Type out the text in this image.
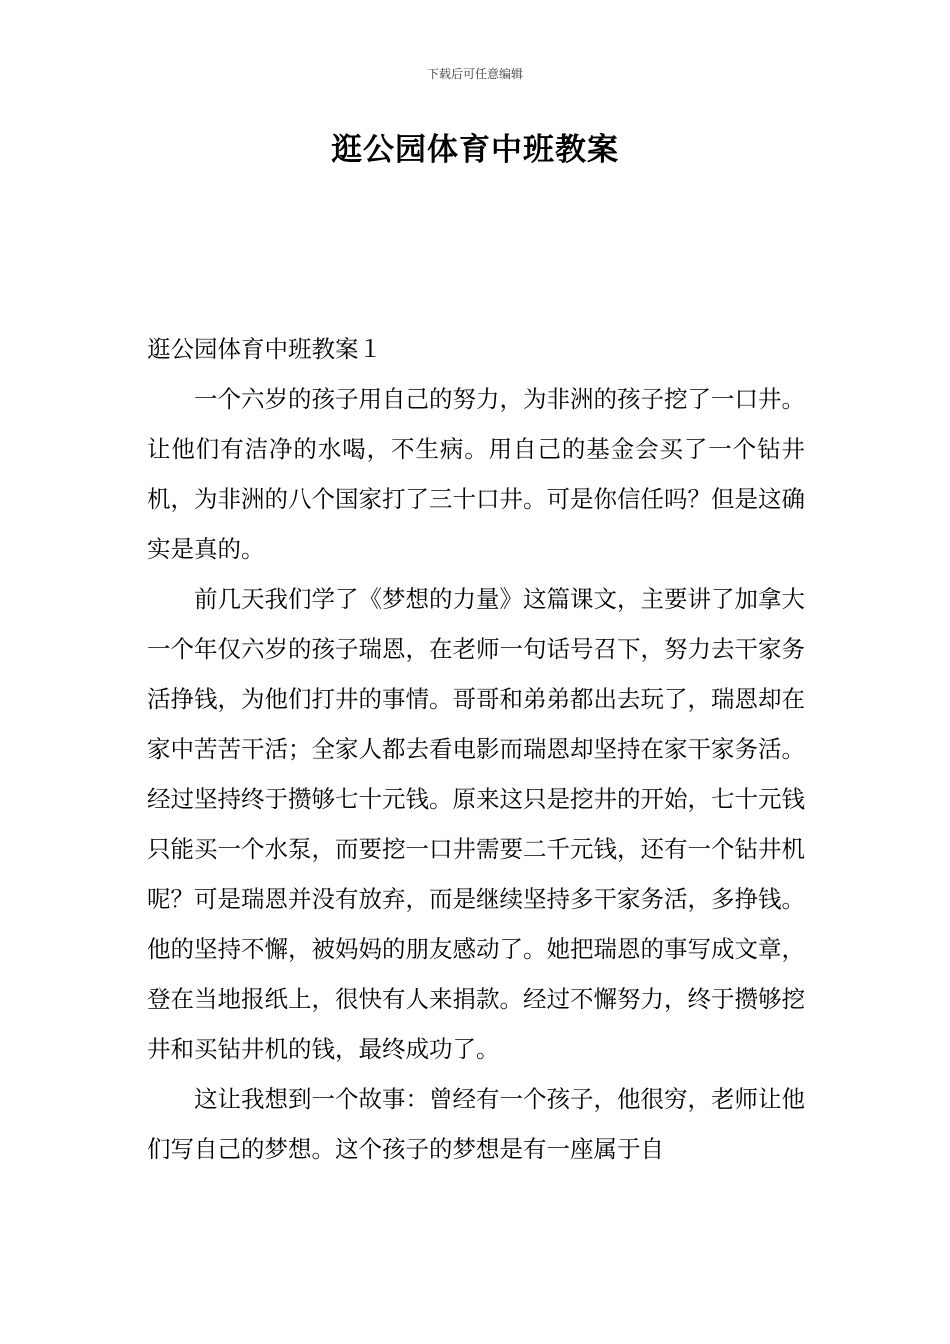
下载后可任意编辑
逛公园体育中班教案

逛公园体育中班教案１

一个六岁的孩子用自己的努力，为非洲的孩子挖了一口井。让他们有洁净的水喝，不生病。用自己的基金会买了一个钻井机，为非洲的八个国家打了三十口井。可是你信任吗？但是这确实是真的。

前几天我们学了《梦想的力量》这篇课文，主要讲了加拿大一个年仅六岁的孩子瑞恩，在老师一句话号召下，努力去干家务活挣钱，为他们打井的事情。哥哥和弟弟都出去玩了，瑞恩却在家中苦苦干活；全家人都去看电影而瑞恩却坚持在家干家务活。经过坚持终于攒够七十元钱。原来这只是挖井的开始，七十元钱只能买一个水泵，而要挖一口井需要二千元钱，还有一个钻井机呢？可是瑞恩并没有放弃，而是继续坚持多干家务活，多挣钱。他的坚持不懈，被妈妈的朋友感动了。她把瑞恩的事写成文章，登在当地报纸上，很快有人来捐款。经过不懈努力，终于攒够挖井和买钻井机的钱，最终成功了。

这让我想到一个故事：曾经有一个孩子，他很穷，老师让他们写自己的梦想。这个孩子的梦想是有一座属于自
